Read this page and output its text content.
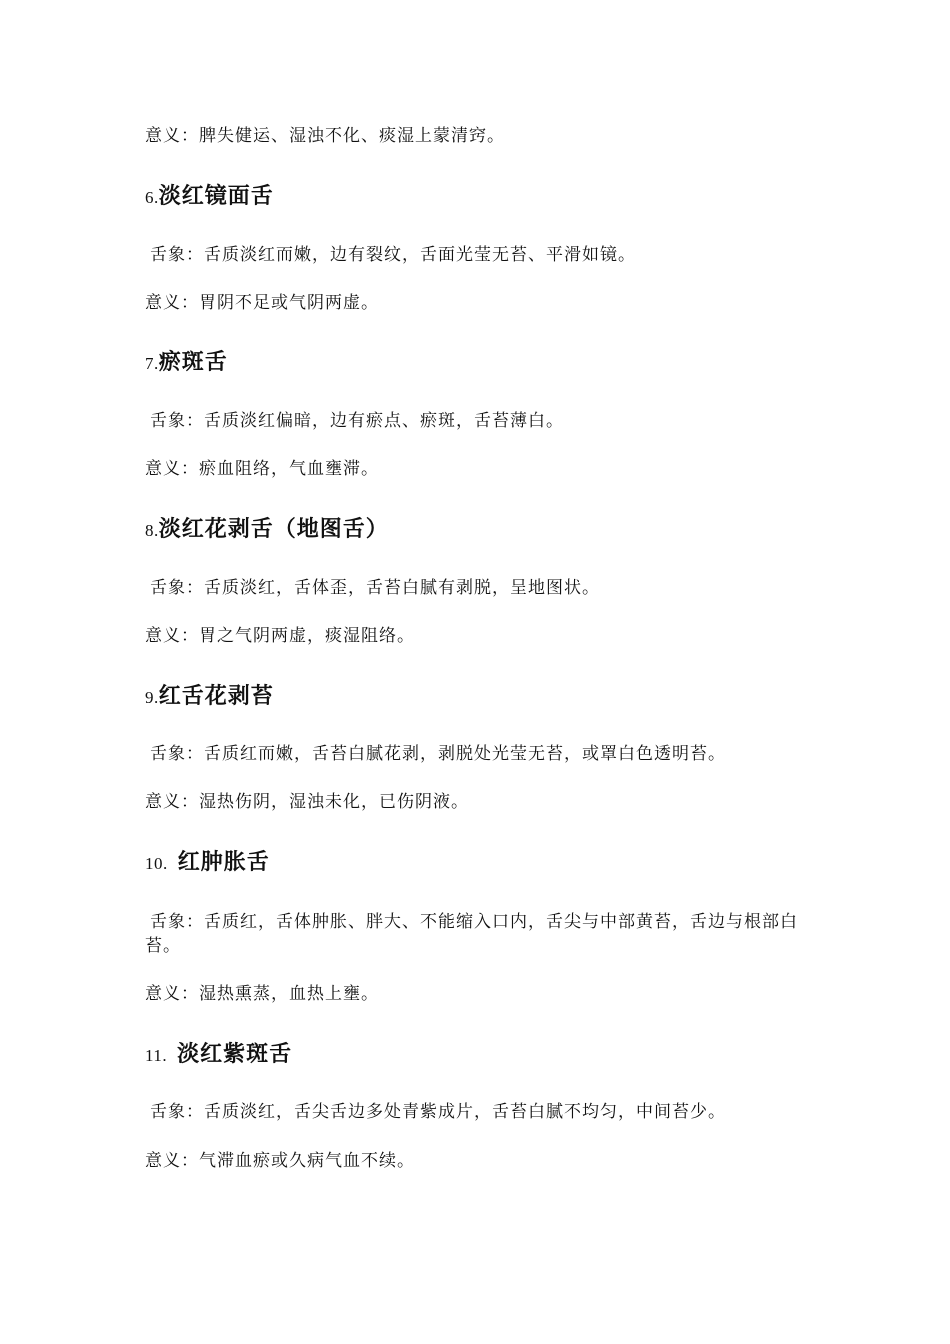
意义：脾失健运、湿浊不化、痰湿上蒙清窍。
6.淡红镜面舌
舌象：舌质淡红而嫩，边有裂纹，舌面光莹无苔、平滑如镜。
意义：胃阴不足或气阴两虚。
7.瘀斑舌
舌象：舌质淡红偏暗，边有瘀点、瘀斑，舌苔薄白。
意义：瘀血阻络，气血壅滞。
8.淡红花剥舌（地图舌）
舌象：舌质淡红，舌体歪，舌苔白腻有剥脱，呈地图状。
意义：胃之气阴两虚，痰湿阻络。
9.红舌花剥苔
舌象：舌质红而嫩，舌苔白腻花剥，剥脱处光莹无苔，或罩白色透明苔。
意义：湿热伤阴，湿浊未化，已伤阴液。
10. 红肿胀舌
舌象：舌质红，舌体肿胀、胖大、不能缩入口内，舌尖与中部黄苔，舌边与根部白苔。
意义：湿热熏蒸，血热上壅。
11. 淡红紫斑舌
舌象：舌质淡红，舌尖舌边多处青紫成片，舌苔白腻不均匀，中间苔少。
意义：气滞血瘀或久病气血不续。
